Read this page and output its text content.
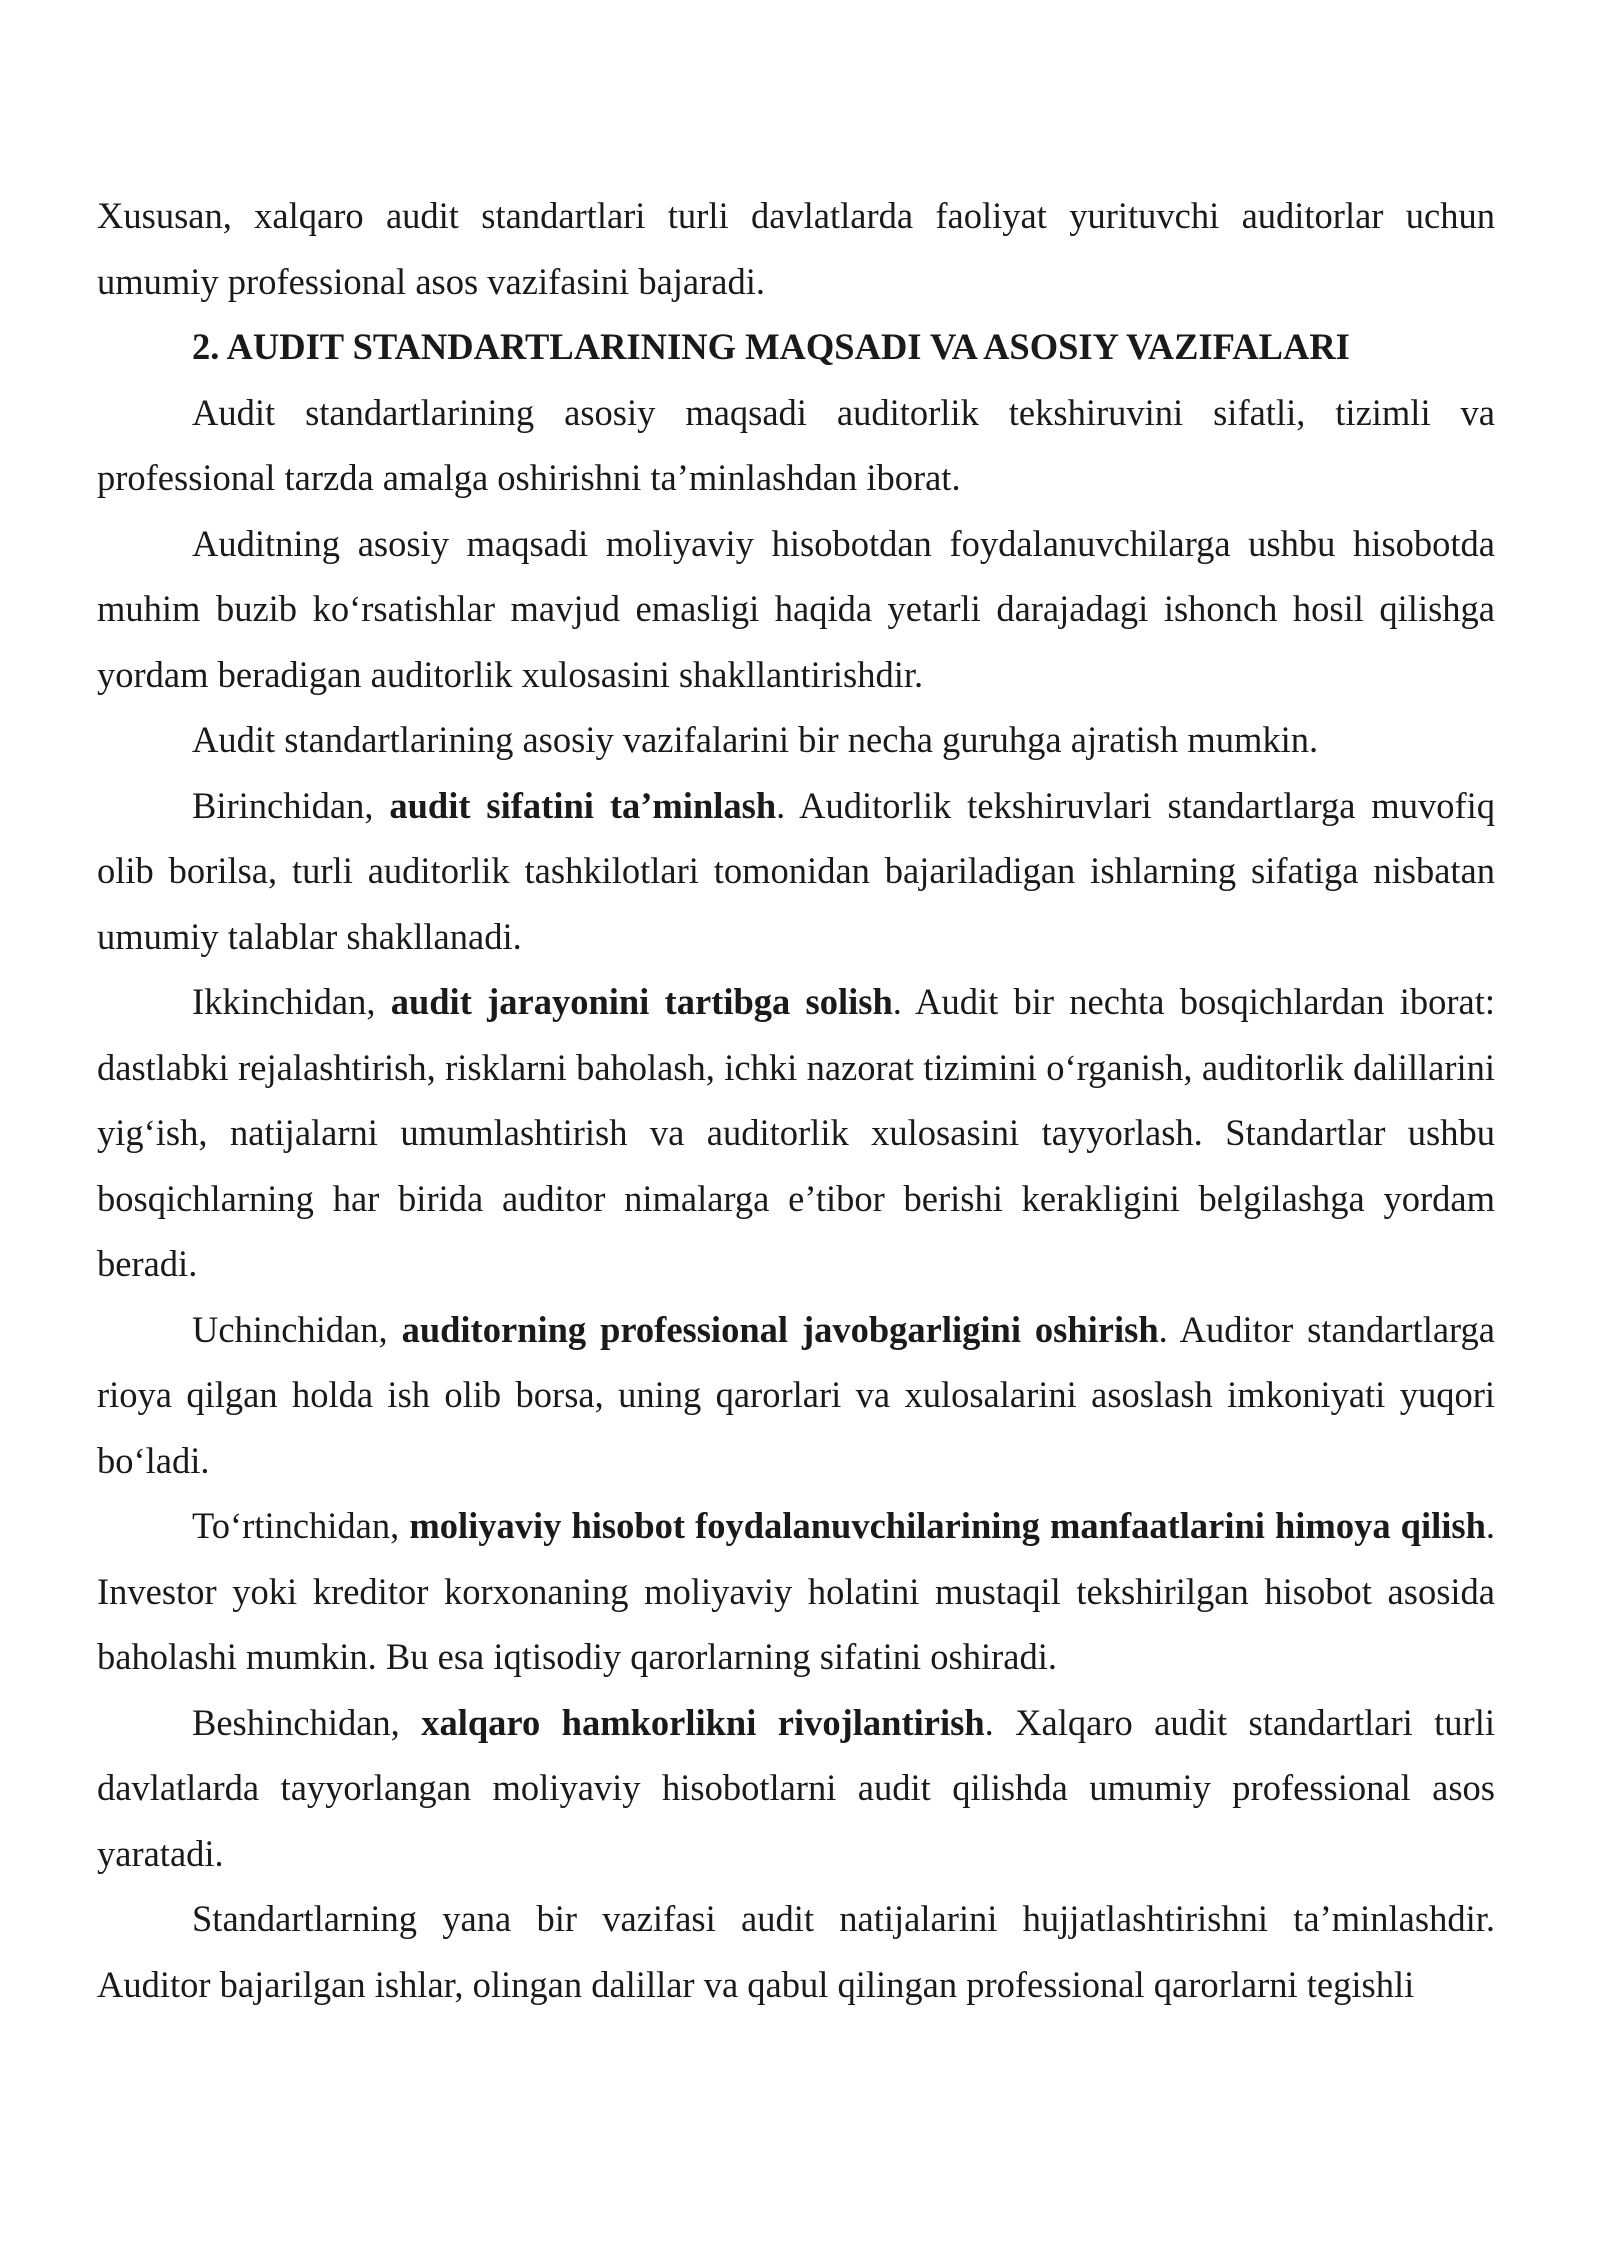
Xususan, xalqaro audit standartlari turli davlatlarda faoliyat yurituvchi auditorlar uchun umumiy professional asos vazifasini bajaradi.

2. AUDIT STANDARTLARINING MAQSADI VA ASOSIY VAZIFALARI

Audit standartlarining asosiy maqsadi auditorlik tekshiruvini sifatli, tizimli va professional tarzda amalga oshirishni ta’minlashdan iborat.

Auditning asosiy maqsadi moliyaviy hisobotdan foydalanuvchilarga ushbu hisobotda muhim buzib ko‘rsatishlar mavjud emasligi haqida yetarli darajadagi ishonch hosil qilishga yordam beradigan auditorlik xulosasini shakllantirishdir.

Audit standartlarining asosiy vazifalarini bir necha guruhga ajratish mumkin.

Birinchidan, audit sifatini ta’minlash. Auditorlik tekshiruvlari standartlarga muvofiq olib borilsa, turli auditorlik tashkilotlari tomonidan bajariladigan ishlarning sifatiga nisbatan umumiy talablar shakllanadi.

Ikkinchidan, audit jarayonini tartibga solish. Audit bir nechta bosqichlardan iborat: dastlabki rejalashtirish, risklarni baholash, ichki nazorat tizimini o‘rganish, auditorlik dalillarini yig‘ish, natijalarni umumlashtirish va auditorlik xulosasini tayyorlash. Standartlar ushbu bosqichlarning har birida auditor nimalarga e’tibor berishi kerakligini belgilashga yordam beradi.

Uchinchidan, auditorning professional javobgarligini oshirish. Auditor standartlarga rioya qilgan holda ish olib borsa, uning qarorlari va xulosalarini asoslash imkoniyati yuqori bo‘ladi.

To‘rtinchidan, moliyaviy hisobot foydalanuvchilarining manfaatlarini himoya qilish. Investor yoki kreditor korxonaning moliyaviy holatini mustaqil tekshirilgan hisobot asosida baholashi mumkin. Bu esa iqtisodiy qarorlarning sifatini oshiradi.

Beshinchidan, xalqaro hamkorlikni rivojlantirish. Xalqaro audit standartlari turli davlatlarda tayyorlangan moliyaviy hisobotlarni audit qilishda umumiy professional asos yaratadi.

Standartlarning yana bir vazifasi audit natijalarini hujjatlashtirishni ta’minlashdir. Auditor bajarilgan ishlar, olingan dalillar va qabul qilingan professional qarorlarni tegishli
